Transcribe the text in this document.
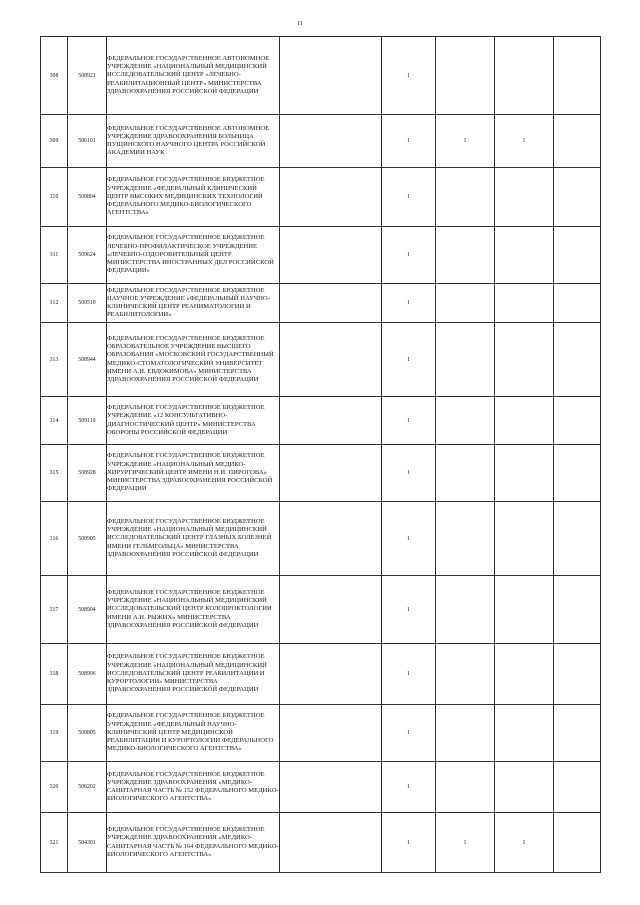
11
308	508921	ФЕДЕРАЛЬНОЕ ГОСУДАРСТВЕННОЕ АВТОНОМНОЕ УЧРЕЖДЕНИЕ «НАЦИОНАЛЬНЫЙ МЕДИЦИНСКИЙ ИССЛЕДОВАТЕЛЬСКИЙ ЦЕНТР «ЛЕЧЕБНО-РЕАБИЛИТАЦИОННЫЙ ЦЕНТР» МИНИСТЕРСТВА ЗДРАВООХРАНЕНИЯ РОССИЙСКОЙ ФЕДЕРАЦИИ		1			
309	506101	ФЕДЕРАЛЬНОЕ ГОСУДАРСТВЕННОЕ АВТОНОМНОЕ УЧРЕЖДЕНИЕ ЗДРАВООХРАНЕНИЯ БОЛЬНИЦА ПУЩИНСКОГО НАУЧНОГО ЦЕНТРА РОССИЙСКОЙ АКАДЕМИИ НАУК		1	1	1	
310	508804	ФЕДЕРАЛЬНОЕ ГОСУДАРСТВЕННОЕ БЮДЖЕТНОЕ УЧРЕЖДЕНИЕ «ФЕДЕРАЛЬНЫЙ КЛИНИЧЕСКИЙ ЦЕНТР ВЫСОКИХ МЕДИЦИНСКИХ ТЕХНОЛОГИЙ ФЕДЕРАЛЬНОГО МЕДИКО-БИОЛОГИЧЕСКОГО АГЕНТСТВА»		1			
311	509624	ФЕДЕРАЛЬНОЕ ГОСУДАРСТВЕННОЕ БЮДЖЕТНОЕ ЛЕЧЕБНО-ПРОФИЛАКТИЧЕСКОЕ УЧРЕЖДЕНИЕ «ЛЕЧЕБНО-ОЗДОРОВИТЕЛЬНЫЙ ЦЕНТР МИНИСТЕРСТВА ИНОСТРАННЫХ ДЕЛ РОССИЙСКОЙ ФЕДЕРАЦИИ»		1			
312	509510	ФЕДЕРАЛЬНОЕ ГОСУДАРСТВЕННОЕ БЮДЖЕТНОЕ НАУЧНОЕ УЧРЕЖДЕНИЕ «ФЕДЕРАЛЬНЫЙ НАУЧНО-КЛИНИЧЕСКИЙ ЦЕНТР РЕАНИМАТОЛОГИИ И РЕАБИЛИТОЛОГИИ»		1			
313	508944	ФЕДЕРАЛЬНОЕ ГОСУДАРСТВЕННОЕ БЮДЖЕТНОЕ ОБРАЗОВАТЕЛЬНОЕ УЧРЕЖДЕНИЕ ВЫСШЕГО ОБРАЗОВАНИЯ «МОСКОВСКИЙ ГОСУДАРСТВЕННЫЙ МЕДИКО-СТОМАТОЛОГИЧЕСКИЙ УНИВЕРСИТЕТ ИМЕНИ А.И. ЕВДОКИМОВА» МИНИСТЕРСТВА ЗДРАВООХРАНЕНИЯ РОССИЙСКОЙ ФЕДЕРАЦИИ		1			
314	509110	ФЕДЕРАЛЬНОЕ ГОСУДАРСТВЕННОЕ БЮДЖЕТНОЕ УЧРЕЖДЕНИЕ «12 КОНСУЛЬТАТИВНО-ДИАГНОСТИЧЕСКИЙ ЦЕНТР» МИНИСТЕРСТВА ОБОРОНЫ РОССИЙСКОЙ ФЕДЕРАЦИИ		1			
315	508928	ФЕДЕРАЛЬНОЕ ГОСУДАРСТВЕННОЕ БЮДЖЕТНОЕ УЧРЕЖДЕНИЕ «НАЦИОНАЛЬНЫЙ МЕДИКО-ХИРУРГИЧЕСКИЙ ЦЕНТР ИМЕНИ Н.И. ПИРОГОВА» МИНИСТЕРСТВА ЗДРАВООХРАНЕНИЯ РОССИЙСКОЙ ФЕДЕРАЦИИ		1			
316	508905	ФЕДЕРАЛЬНОЕ ГОСУДАРСТВЕННОЕ БЮДЖЕТНОЕ УЧРЕЖДЕНИЕ «НАЦИОНАЛЬНЫЙ МЕДИЦИНСКИЙ ИССЛЕДОВАТЕЛЬСКИЙ ЦЕНТР ГЛАЗНЫХ БОЛЕЗНЕЙ ИМЕНИ ГЕЛЬМГОЛЬЦА» МИНИСТЕРСТВА ЗДРАВООХРАНЕНИЯ РОССИЙСКОЙ ФЕДЕРАЦИИ		1			
317	508904	ФЕДЕРАЛЬНОЕ ГОСУДАРСТВЕННОЕ БЮДЖЕТНОЕ УЧРЕЖДЕНИЕ «НАЦИОНАЛЬНЫЙ МЕДИЦИНСКИЙ ИССЛЕДОВАТЕЛЬСКИЙ ЦЕНТР КОЛОПРОКТОЛОГИИ ИМЕНИ А.Н. РЫЖИХ» МИНИСТЕРСТВА ЗДРАВООХРАНЕНИЯ РОССИЙСКОЙ ФЕДЕРАЦИИ		1			
318	508906	ФЕДЕРАЛЬНОЕ ГОСУДАРСТВЕННОЕ БЮДЖЕТНОЕ УЧРЕЖДЕНИЕ «НАЦИОНАЛЬНЫЙ МЕДИЦИНСКИЙ ИССЛЕДОВАТЕЛЬСКИЙ ЦЕНТР РЕАБИЛИТАЦИИ И КУРОРТОЛОГИИ» МИНИСТЕРСТВА ЗДРАВООХРАНЕНИЯ РОССИЙСКОЙ ФЕДЕРАЦИИ		1			
319	508805	ФЕДЕРАЛЬНОЕ ГОСУДАРСТВЕННОЕ БЮДЖЕТНОЕ УЧРЕЖДЕНИЕ «ФЕДЕРАЛЬНЫЙ НАУЧНО-КЛИНИЧЕСКИЙ ЦЕНТР МЕДИЦИНСКОЙ РЕАБИЛИТАЦИИ И КУРОРТОЛОГИИ ФЕДЕРАЛЬНОГО МЕДИКО-БИОЛОГИЧЕСКОГО АГЕНТСТВА»		1			
320	506202	ФЕДЕРАЛЬНОЕ ГОСУДАРСТВЕННОЕ БЮДЖЕТНОЕ УЧРЕЖДЕНИЕ ЗДРАВООХРАНЕНИЯ «МЕДИКО-САНИТАРНАЯ ЧАСТЬ № 152 ФЕДЕРАЛЬНОГО МЕДИКО-БИОЛОГИЧЕСКОГО АГЕНТСТВА»		1			
321	504301	ФЕДЕРАЛЬНОЕ ГОСУДАРСТВЕННОЕ БЮДЖЕТНОЕ УЧРЕЖДЕНИЕ ЗДРАВООХРАНЕНИЯ «МЕДИКО-САНИТАРНАЯ ЧАСТЬ № 164 ФЕДЕРАЛЬНОГО МЕДИКО-БИОЛОГИЧЕСКОГО АГЕНТСТВА»		1	1	1	
